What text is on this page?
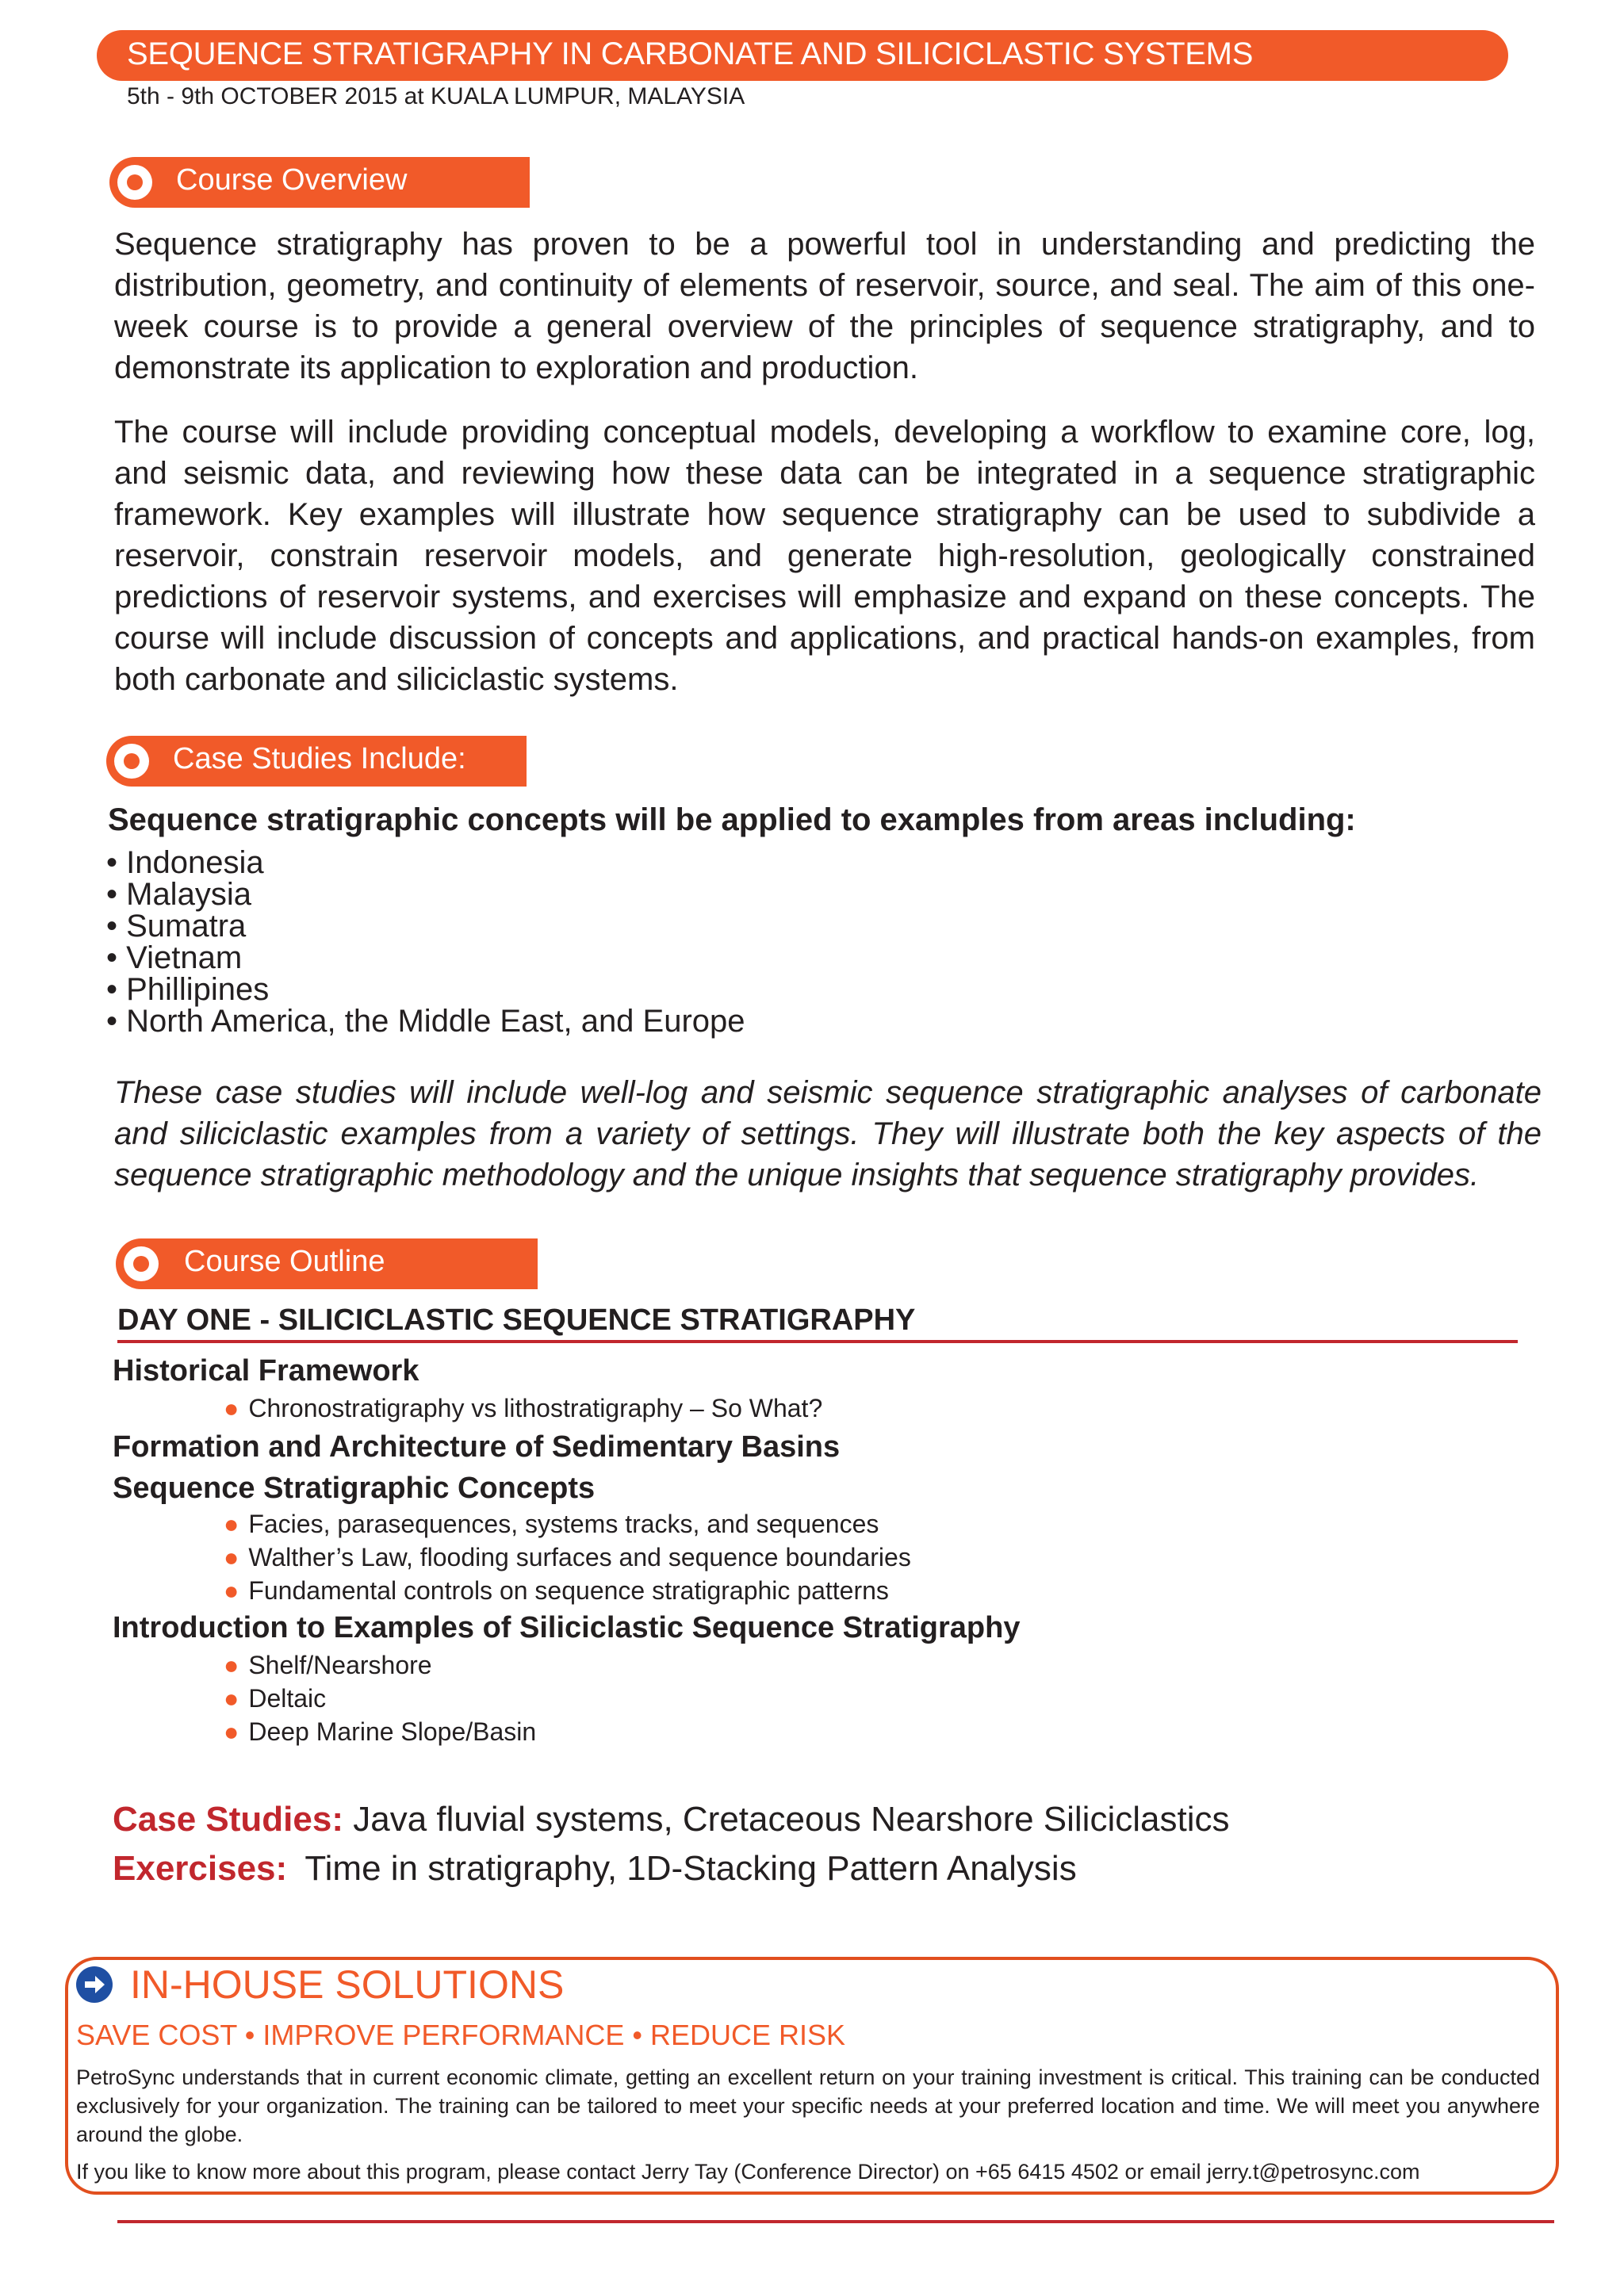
SEQUENCE STRATIGRAPHY IN CARBONATE AND SILICICLASTIC SYSTEMS
5th - 9th OCTOBER 2015 at KUALA LUMPUR, MALAYSIA
Course Overview
Sequence stratigraphy has proven to be a powerful tool in understanding and predicting the distribution, geometry, and continuity of elements of reservoir, source, and seal. The aim of this one-week course is to provide a general overview of the principles of sequence stratigraphy, and to demonstrate its application to exploration and production.
The course will include providing conceptual models, developing a workflow to examine core, log, and seismic data, and reviewing how these data can be integrated in a sequence stratigraphic framework. Key examples will illustrate how sequence stratigraphy can be used to subdivide a reservoir, constrain reservoir models, and generate high-resolution, geologically constrained predictions of reservoir systems, and exercises will emphasize and expand on these concepts. The course will include discussion of concepts and applications, and practical hands-on examples, from both carbonate and siliciclastic systems.
Case Studies Include:
Sequence stratigraphic concepts will be applied to examples from areas including:
• Indonesia
• Malaysia
• Sumatra
• Vietnam
• Phillipines
• North America, the Middle East, and Europe
These case studies will include well-log and seismic sequence stratigraphic analyses of carbonate and siliciclastic examples from a variety of settings. They will illustrate both the key aspects of the sequence stratigraphic methodology and the unique insights that sequence stratigraphy provides.
Course Outline
DAY ONE - SILICICLASTIC SEQUENCE STRATIGRAPHY
Historical Framework
● Chronostratigraphy vs lithostratigraphy – So What?
Formation and Architecture of Sedimentary Basins
Sequence Stratigraphic Concepts
● Facies, parasequences, systems tracks, and sequences
● Walther’s Law, flooding surfaces and sequence boundaries
● Fundamental controls on sequence stratigraphic patterns
Introduction to Examples of Siliciclastic Sequence Stratigraphy
● Shelf/Nearshore
● Deltaic
● Deep Marine Slope/Basin
Case Studies: Java fluvial systems, Cretaceous Nearshore Siliciclastics
Exercises: Time in stratigraphy, 1D-Stacking Pattern Analysis
IN-HOUSE SOLUTIONS
SAVE COST • IMPROVE PERFORMANCE • REDUCE RISK
PetroSync understands that in current economic climate, getting an excellent return on your training investment is critical. This training can be conducted exclusively for your organization. The training can be tailored to meet your specific needs at your preferred location and time. We will meet you anywhere around the globe.
If you like to know more about this program, please contact Jerry Tay (Conference Director) on +65 6415 4502 or email jerry.t@petrosync.com
